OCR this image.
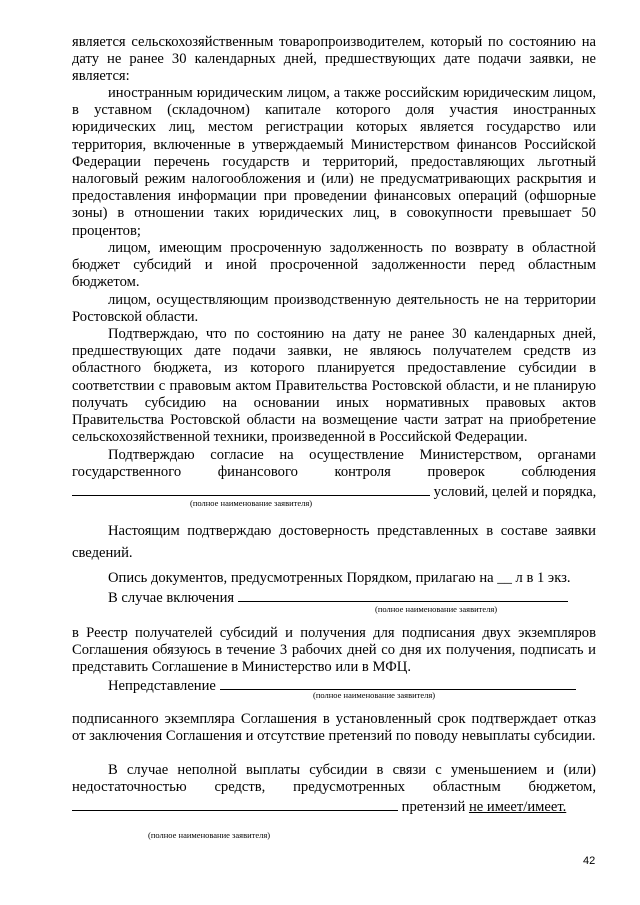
является сельскохозяйственным товаропроизводителем, который по состоянию на дату не ранее 30 календарных дней, предшествующих дате подачи заявки, не является:
иностранным юридическим лицом, а также российским юридическим лицом, в уставном (складочном) капитале которого доля участия иностранных юридических лиц, местом регистрации которых является государство или территория, включенные в утверждаемый Министерством финансов Российской Федерации перечень государств и территорий, предоставляющих льготный налоговый режим налогообложения и (или) не предусматривающих раскрытия и предоставления информации при проведении финансовых операций (офшорные зоны) в отношении таких юридических лиц, в совокупности превышает 50 процентов;
лицом, имеющим просроченную задолженность по возврату в областной бюджет субсидий и иной просроченной задолженности перед областным бюджетом.
лицом, осуществляющим производственную деятельность не на территории Ростовской области.
Подтверждаю, что по состоянию на дату не ранее 30 календарных дней, предшествующих дате подачи заявки, не являюсь получателем средств из областного бюджета, из которого планируется предоставление субсидии в соответствии с правовым актом Правительства Ростовской области, и не планирую получать субсидию на основании иных нормативных правовых актов Правительства Ростовской области на возмещение части затрат на приобретение сельскохозяйственной техники, произведенной в Российской Федерации.
Подтверждаю согласие на осуществление Министерством, органами
государственного финансового контроля проверок соблюдения
условий, целей и порядка,
(полное наименование заявителя)
Настоящим подтверждаю достоверность представленных в составе заявки сведений.
Опись документов, предусмотренных Порядком, прилагаю на __ л в 1 экз.
В случае включения
(полное наименование заявителя)
в Реестр получателей субсидий и получения для подписания двух экземпляров Соглашения обязуюсь в течение 3 рабочих дней со дня их получения, подписать и представить Соглашение в Министерство или в МФЦ.
Непредставление
(полное наименование заявителя)
подписанного экземпляра Соглашения в установленный срок подтверждает отказ от заключения Соглашения и отсутствие претензий по поводу невыплаты субсидии.
В случае неполной выплаты субсидии в связи с уменьшением и (или)
недостаточностью средств, предусмотренных областным бюджетом,
претензий не имеет/имеет.
(полное наименование заявителя)
42
